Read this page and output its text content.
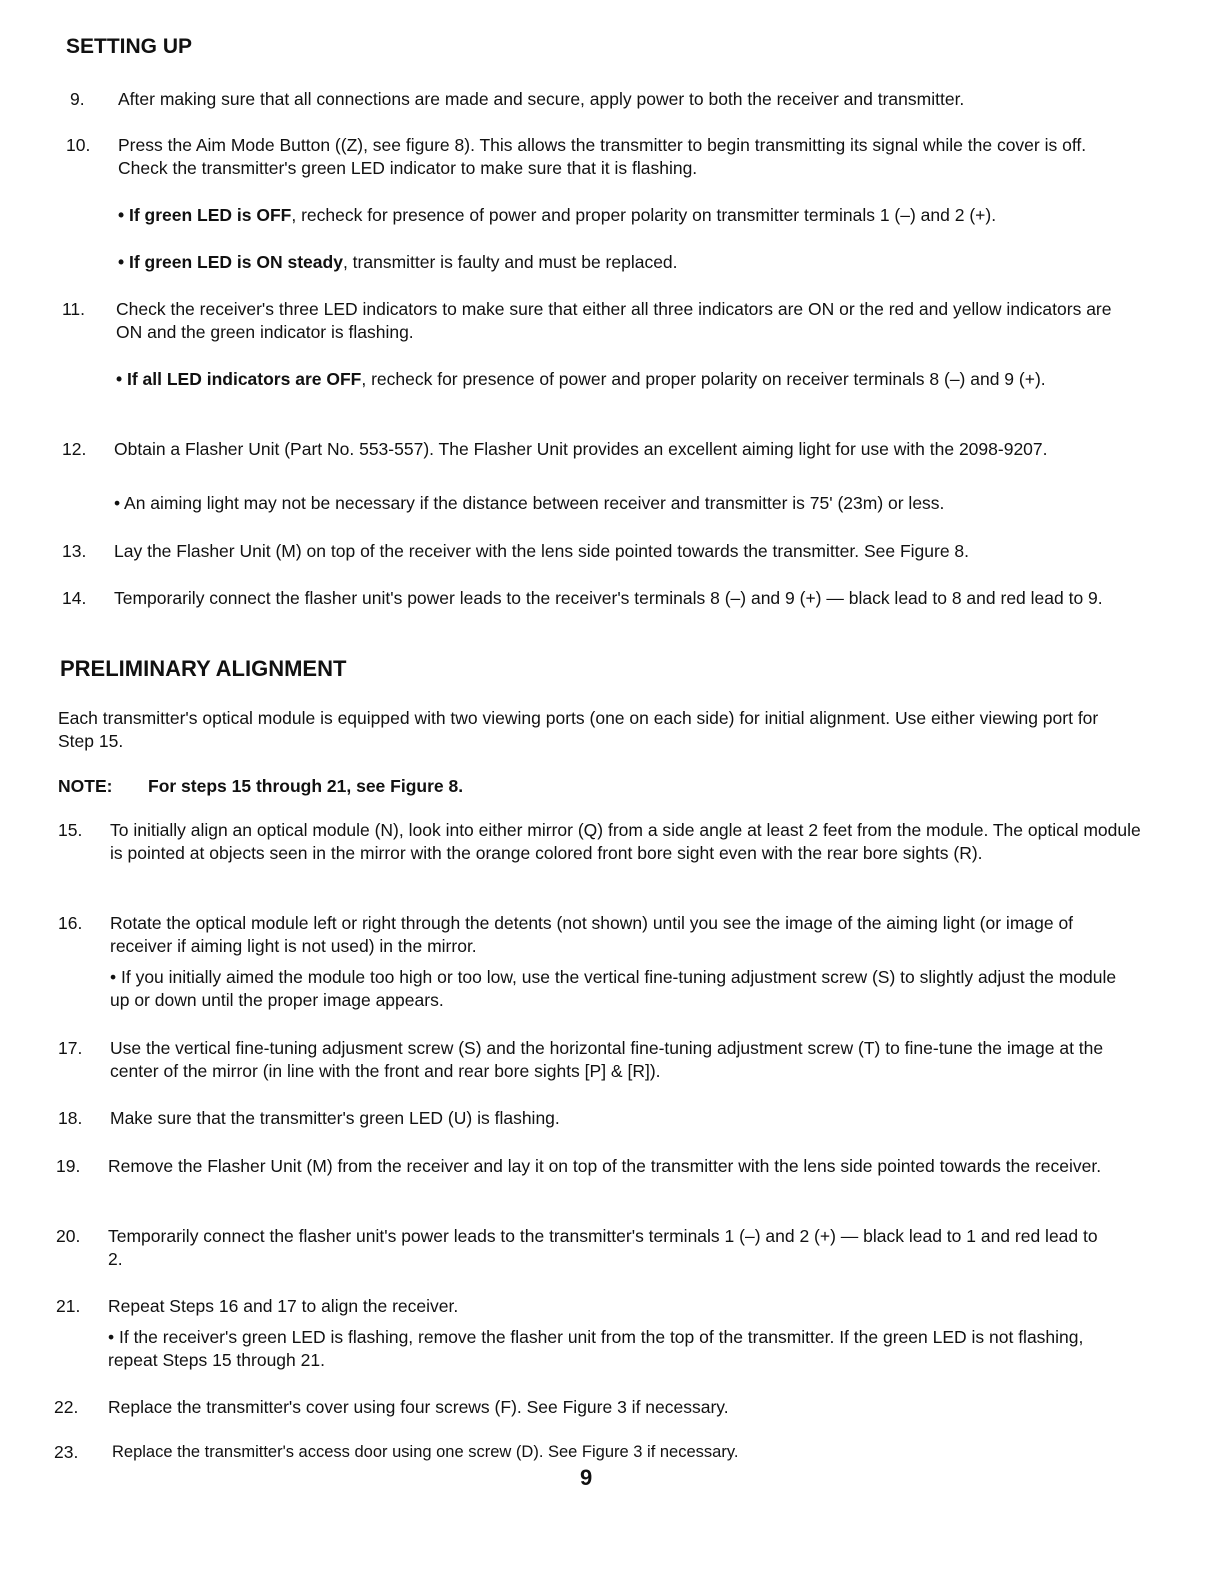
SETTING UP
9. After making sure that all connections are made and secure, apply power to both the receiver and transmitter.
10. Press the Aim Mode Button ((Z), see figure 8). This allows the transmitter to begin transmitting its signal while the cover is off. Check the transmitter's green LED indicator to make sure that it is flashing.
• If green LED is OFF, recheck for presence of power and proper polarity on transmitter terminals 1 (–) and 2 (+).
• If green LED is ON steady, transmitter is faulty and must be replaced.
11. Check the receiver's three LED indicators to make sure that either all three indicators are ON or the red and yellow indicators are ON and the green indicator is flashing.
• If all LED indicators are OFF, recheck for presence of power and proper polarity on receiver terminals 8 (–) and 9 (+).
12. Obtain a Flasher Unit (Part No. 553-557). The Flasher Unit provides an excellent aiming light for use with the 2098-9207.
• An aiming light may not be necessary if the distance between receiver and transmitter is 75' (23m) or less.
13. Lay the Flasher Unit (M) on top of the receiver with the lens side pointed towards the transmitter. See Figure 8.
14. Temporarily connect the flasher unit's power leads to the receiver's terminals 8 (–) and 9 (+) — black lead to 8 and red lead to 9.
PRELIMINARY ALIGNMENT
Each transmitter's optical module is equipped with two viewing ports (one on each side) for initial alignment. Use either viewing port for Step 15.
NOTE: For steps 15 through 21, see Figure 8.
15. To initially align an optical module (N), look into either mirror (Q) from a side angle at least 2 feet from the module. The optical module is pointed at objects seen in the mirror with the orange colored front bore sight even with the rear bore sights (R).
16. Rotate the optical module left or right through the detents (not shown) until you see the image of the aiming light (or image of receiver if aiming light is not used) in the mirror.
• If you initially aimed the module too high or too low, use the vertical fine-tuning adjustment screw (S) to slightly adjust the module up or down until the proper image appears.
17. Use the vertical fine-tuning adjusment screw (S) and the horizontal fine-tuning adjustment screw (T) to fine-tune the image at the center of the mirror (in line with the front and rear bore sights [P] & [R]).
18. Make sure that the transmitter's green LED (U) is flashing.
19. Remove the Flasher Unit (M) from the receiver and lay it on top of the transmitter with the lens side pointed towards the receiver.
20. Temporarily connect the flasher unit's power leads to the transmitter's terminals 1 (–) and 2 (+) — black lead to 1 and red lead to 2.
21. Repeat Steps 16 and 17 to align the receiver.
• If the receiver's green LED is flashing, remove the flasher unit from the top of the transmitter. If the green LED is not flashing, repeat Steps 15 through 21.
22. Replace the transmitter's cover using four screws (F). See Figure 3 if necessary.
23. Replace the transmitter's access door using one screw (D). See Figure 3 if necessary.
9
